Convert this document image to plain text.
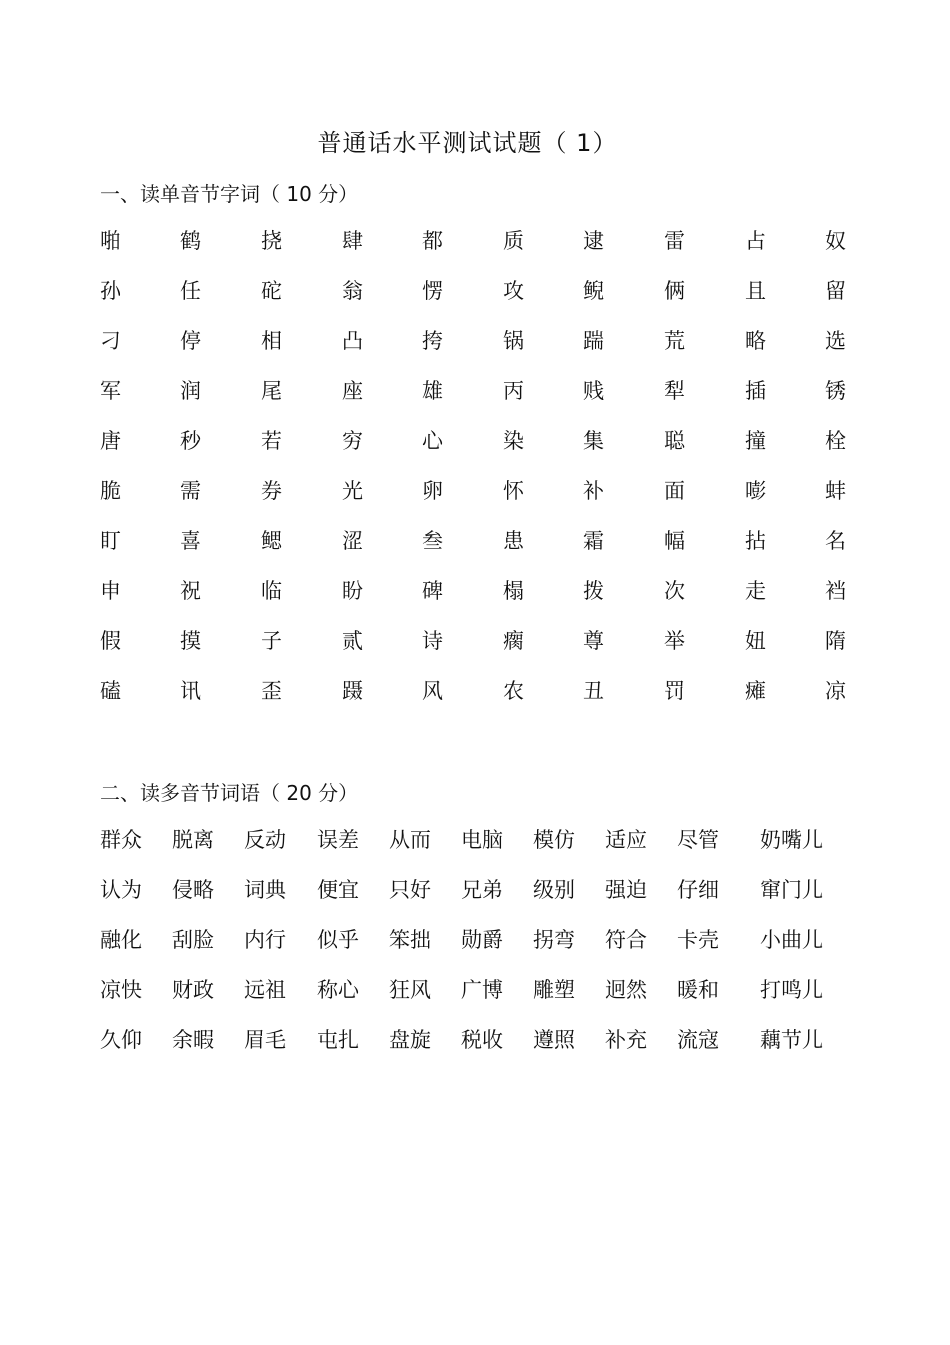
普通话水平测试试题（ 1）
一、读单音节字词（ 10 分）
啪	鹤	挠	肆	都	质	逮	雷	占	奴
孙	任	砣	翁	愣	攻	鲵	俩	且	留
刁	停	相	凸	挎	锅	踹	荒	略	选
军	润	尾	座	雄	丙	贱	犁	插	锈
唐	秒	若	穷	心	染	集	聪	撞	栓
脆	需	券	光	卵	怀	补	面	嘭	蚌
盯	喜	鳃	涩	叁	患	霜	幅	拈	名
申	祝	临	盼	碑	榻	拨	次	走	裆
假	摸	子	贰	诗	瘸	尊	举	妞	隋
磕	讯	歪	蹑	风	农	丑	罚	瘫	凉
二、读多音节词语（ 20 分）
群众 脱离 反动 误差 从而 电脑 模仿 适应 尽管 奶嘴儿
认为 侵略 词典 便宜 只好 兄弟 级别 强迫 仔细 窜门儿
融化 刮脸 内行 似乎 笨拙 勋爵 拐弯 符合 卡壳 小曲儿
凉快 财政 远祖 称心 狂风 广博 雕塑 迥然 暖和 打鸣儿
久仰 余暇 眉毛 屯扎 盘旋 税收 遵照 补充 流寇 藕节儿
